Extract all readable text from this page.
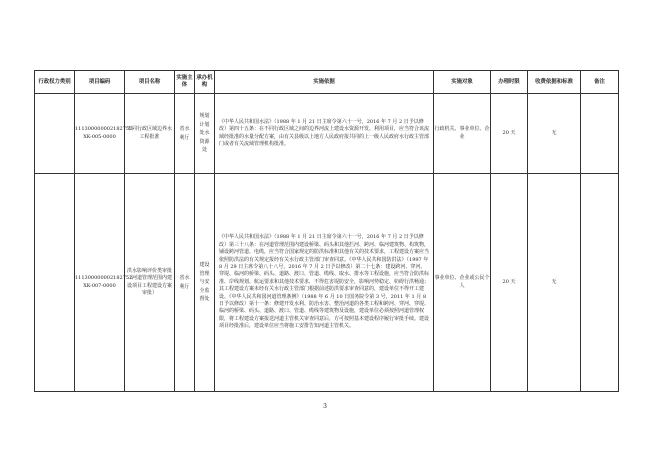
行政权力类别	项目编码	项目名称	实施主体	承办机构	实施依据	实施对象	办理时限	收费依据和标准	备注
	111300000002182752-XK-005-0000	不同行政区域边界水工程批准	省水利厅	规划计划处水资源处	《中华人民共和国水法》（1988 年 1 月 21 日主席令第六十一号，2016 年 7 月 2 日予以修改）第四十五条：在不同行政区域之间的边界河流上建设水资源开发、利用项目，应当符合该流域经批准的水量分配方案，由有关县级以上地方人民政府报共同的上一级人民政府水行政主管部门或者有关流域管理机构批准。	行政机关、事业单位、企业	20 天	无	
	111300000002182752-XK-007-0000	洪水影响评价类审批（河道管理范围内建设项目工程建设方案审批）	省水利厅	建设管理与安全监督处	《中华人民共和国水法》（1988 年 1 月 21 日主席令第六十一号，2016 年 7 月 2 日予以修改）第三十八条：在河道管理范围内建设桥梁、码头和其他拦河、跨河、临河建筑物、构筑物，铺设跨河管道、电缆，应当符合国家规定的防洪标准和其他有关的技术要求，工程建设方案应当依照防洪法的有关规定报经有关水行政主管部门审查同意。《中华人民共和国防洪法》（1997 年 8 月 29 日主席令第八十八号，2016 年 7 月 2 日予以修改）第二十七条：建设跨河、穿河、穿堤、临河的桥梁、码头、道路、渡口、管道、缆线、取水、排水等工程设施，应当符合防洪标准、岸线规划、航运要求和其他技术要求，不得危害堤防安全，影响河势稳定、妨碍行洪畅通；其工程建设方案未经有关水行政主管部门根据前述防洪要求审查同意的，建设单位不得开工建设。《中华人民共和国河道管理条例》（1988 年 6 月 10 日国务院令第 3 号，2011 年 1 月 8 日予以修改）第十一条：修建开发水利、防治水害、整治河道的各类工程和跨河、穿河、穿堤、临河的桥梁、码头、道路、渡口、管道、缆线等建筑物及设施，建设单位必须按照河道管理权限，将工程建设方案报送河道主管机关审查同意后，方可按照基本建设程序履行审批手续。建设项目经批准后，建设单位应当将施工安排告知河道主管机关。	事业单位、企业或公民个人	20 天	无	
3
